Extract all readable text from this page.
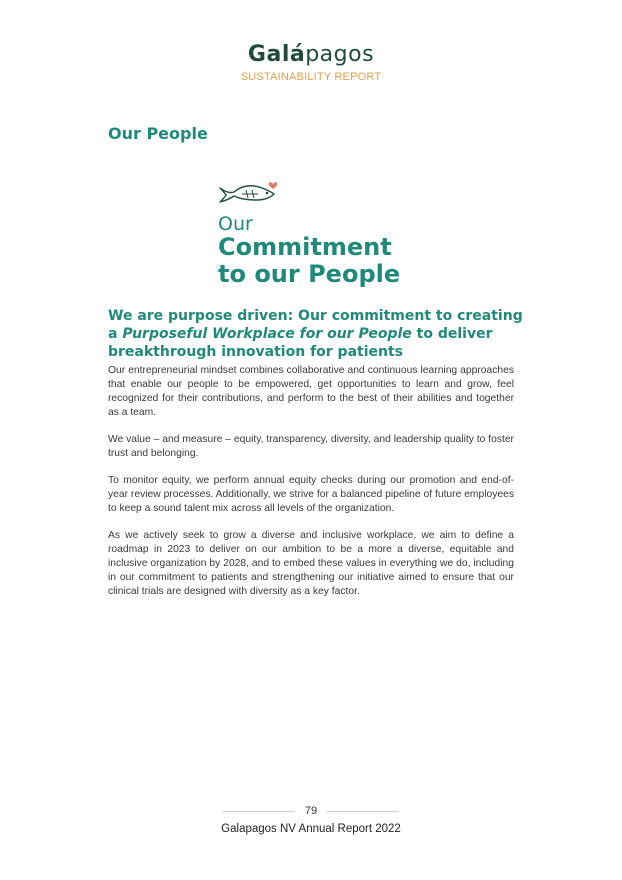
Galápagos
SUSTAINABILITY REPORT
Our People
Our
Commitment
to our People
We are purpose driven: Our commitment to creating a Purposeful Workplace for our People to deliver breakthrough innovation for patients

Our entrepreneurial mindset combines collaborative and continuous learning approaches that enable our people to be empowered, get opportunities to learn and grow, feel recognized for their contributions, and perform to the best of their abilities and together as a team.

We value – and measure – equity, transparency, diversity, and leadership quality to foster trust and belonging.

To monitor equity, we perform annual equity checks during our promotion and end-of-year review processes. Additionally, we strive for a balanced pipeline of future employees to keep a sound talent mix across all levels of the organization.

As we actively seek to grow a diverse and inclusive workplace, we aim to define a roadmap in 2023 to deliver on our ambition to be a more a diverse, equitable and inclusive organization by 2028, and to embed these values in everything we do, including in our commitment to patients and strengthening our initiative aimed to ensure that our clinical trials are designed with diversity as a key factor.

79
Galapagos NV Annual Report 2022
